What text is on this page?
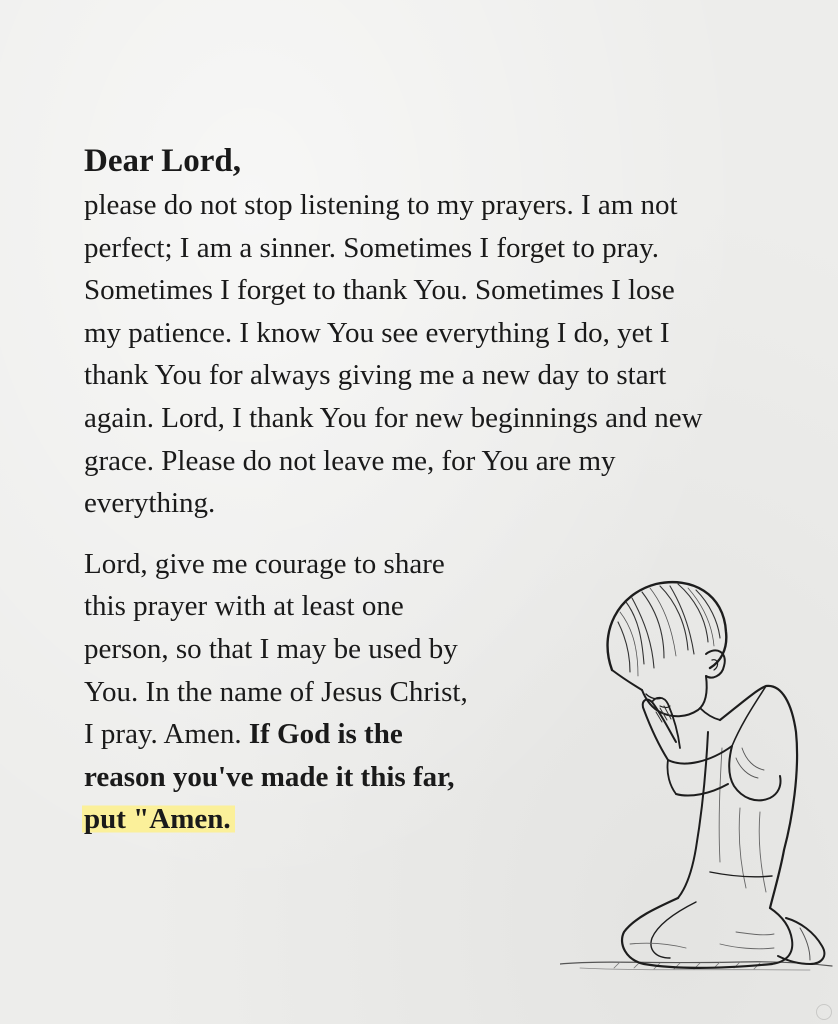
Dear Lord,

please do not stop listening to my prayers. I am not perfect; I am a sinner. Sometimes I forget to pray. Sometimes I forget to thank You. Sometimes I lose my patience. I know You see everything I do, yet I thank You for always giving me a new day to start again. Lord, I thank You for new beginnings and new grace. Please do not leave me, for You are my everything.

Lord, give me courage to share
this prayer with at least one
person, so that I may be used by
You. In the name of Jesus Christ,
I pray. Amen. If God is the
reason you've made it this far,
put "Amen.
